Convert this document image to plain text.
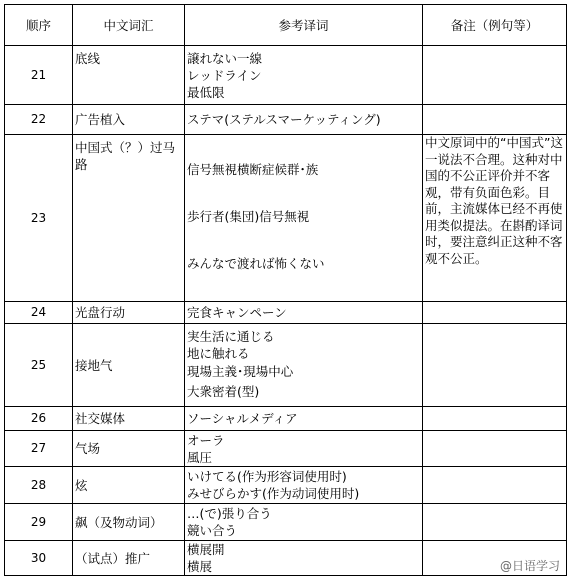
顺序	中文词汇	参考译词	备注（例句等）
21	底线	譲れない一線
レッドライン
最低限	

22	广告植入	ステマ(ステルスマーケッティング)	

23	中国式（？）过马路	信号無視横断症候群･族
歩行者(集団)信号無視
みんなで渡れば怖くない	中文原词中的“中国式”这一说法不合理。这种对中国的不公正评价并不客观，带有负面色彩。目前，主流媒体已经不再使用类似提法。在斟酌译词时，要注意纠正这种不客观不公正。
24	光盘行动	完食キャンペーン	

25	接地气	実生活に通じる
地に触れる
現場主義･現場中心
大衆密着(型)	

26	社交媒体	ソーシャルメディア	

27	气场	オーラ
風圧	

28	炫	いけてる(作为形容词使用时)
みせびらかす(作为动词使用时)	

29	飙（及物动词）	…(で)張り合う
競い合う	

30	（试点）推广	横展開
横展	
		@日语学习
